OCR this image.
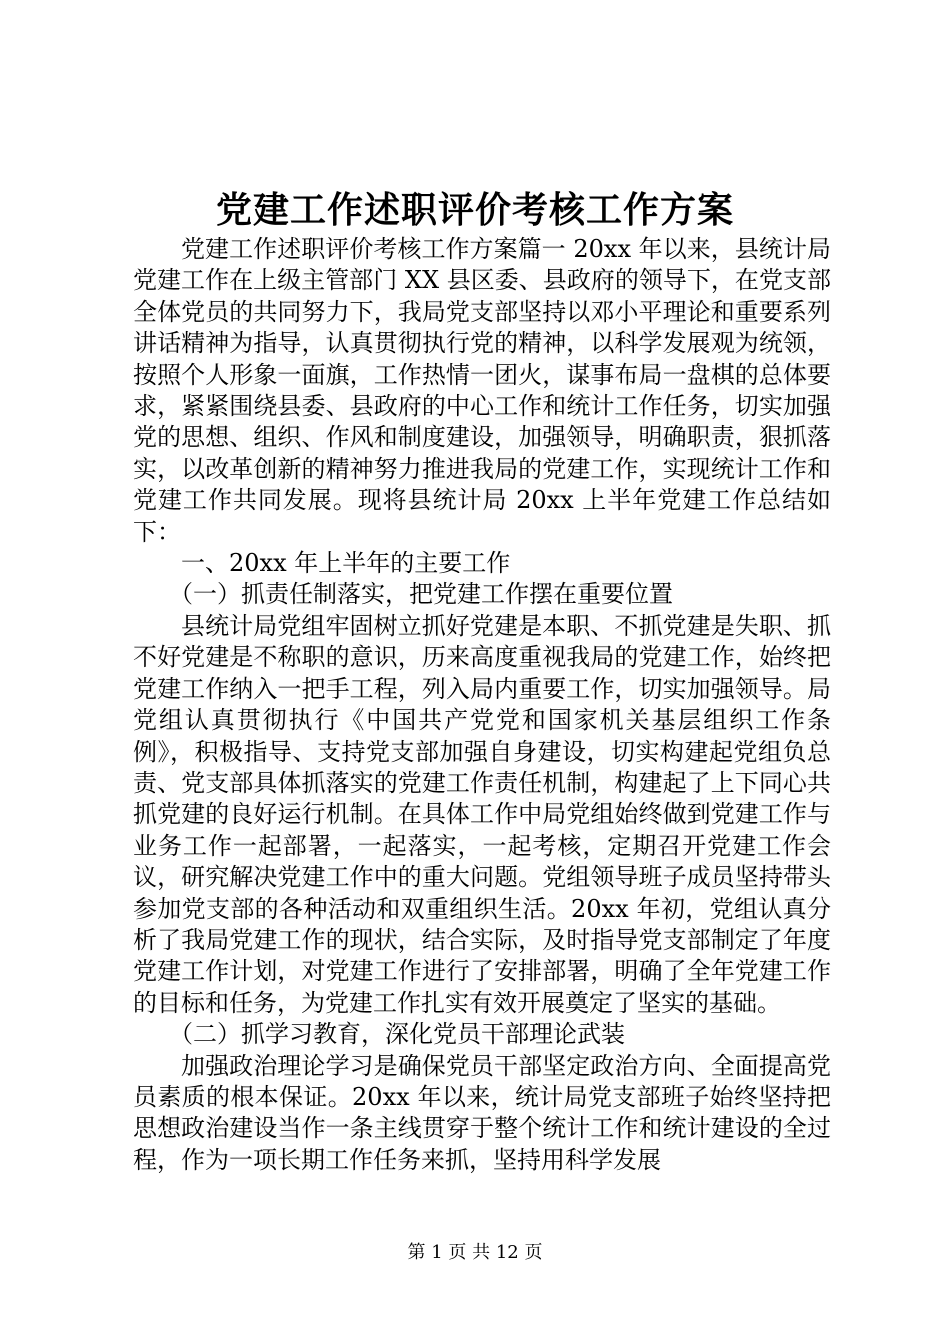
党建工作述职评价考核工作方案

党建工作述职评价考核工作方案篇一 20xx 年以来，县统计局党建工作在上级主管部门 XX 县区委、县政府的领导下，在党支部全体党员的共同努力下，我局党支部坚持以邓小平理论和重要系列讲话精神为指导，认真贯彻执行党的精神，以科学发展观为统领，按照个人形象一面旗，工作热情一团火，谋事布局一盘棋的总体要求，紧紧围绕县委、县政府的中心工作和统计工作任务，切实加强党的思想、组织、作风和制度建设，加强领导，明确职责，狠抓落实，以改革创新的精神努力推进我局的党建工作，实现统计工作和党建工作共同发展。现将县统计局 20xx 上半年党建工作总结如下：

一、20xx 年上半年的主要工作

（一）抓责任制落实，把党建工作摆在重要位置

县统计局党组牢固树立抓好党建是本职、不抓党建是失职、抓不好党建是不称职的意识，历来高度重视我局的党建工作，始终把党建工作纳入一把手工程，列入局内重要工作，切实加强领导。局党组认真贯彻执行《中国共产党党和国家机关基层组织工作条例》，积极指导、支持党支部加强自身建设，切实构建起党组负总责、党支部具体抓落实的党建工作责任机制，构建起了上下同心共抓党建的良好运行机制。在具体工作中局党组始终做到党建工作与业务工作一起部署，一起落实，一起考核，定期召开党建工作会议，研究解决党建工作中的重大问题。党组领导班子成员坚持带头参加党支部的各种活动和双重组织生活。20xx 年初，党组认真分析了我局党建工作的现状，结合实际，及时指导党支部制定了年度党建工作计划，对党建工作进行了安排部署，明确了全年党建工作的目标和任务，为党建工作扎实有效开展奠定了坚实的基础。

（二）抓学习教育，深化党员干部理论武装

加强政治理论学习是确保党员干部坚定政治方向、全面提高党员素质的根本保证。20xx 年以来，统计局党支部班子始终坚持把思想政治建设当作一条主线贯穿于整个统计工作和统计建设的全过程，作为一项长期工作任务来抓，坚持用科学发展

第 1 页 共 12 页
